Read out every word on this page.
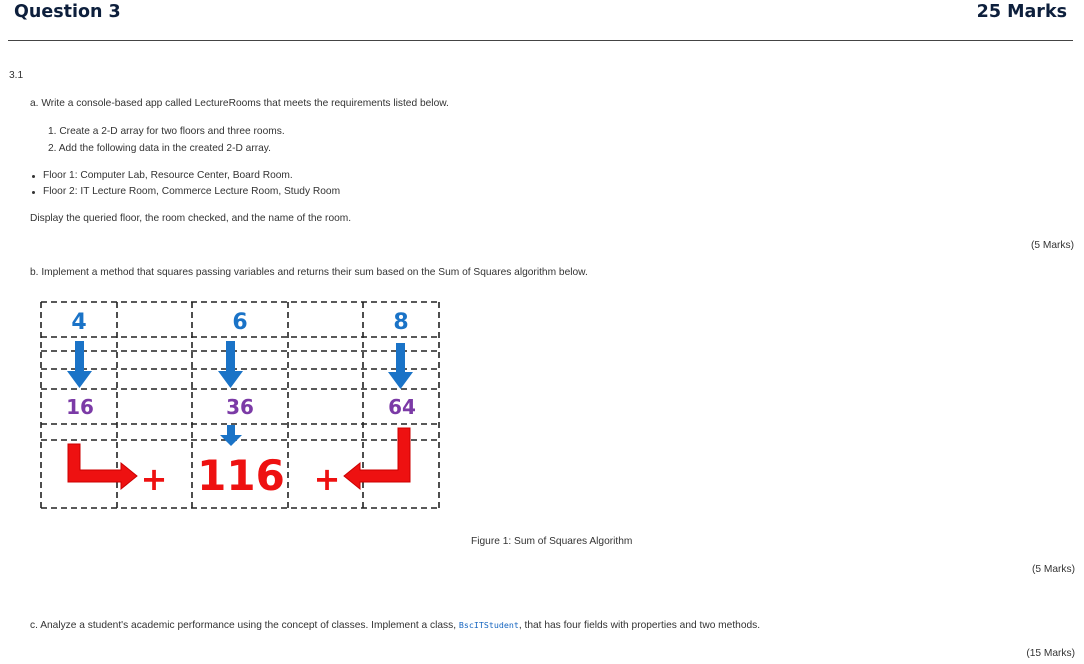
Question 3	25 Marks
3.1
a. Write a console-based app called LectureRooms that meets the requirements listed below.
1. Create a 2-D array for two floors and three rooms.
2. Add the following data in the created 2-D array.
Floor 1: Computer Lab, Resource Center, Board Room.
Floor 2: IT Lecture Room, Commerce Lecture Room, Study Room
Display the queried floor, the room checked, and the name of the room.
(5 Marks)
b. Implement a method that squares passing variables and returns their sum based on the Sum of Squares algorithm below.
4	6	8
16	36	64
+	+
116
Figure 1: Sum of Squares Algorithm
(5 Marks)
c. Analyze a student's academic performance using the concept of classes. Implement a class, BscITStudent, that has four fields with properties and two methods.
(15 Marks)
